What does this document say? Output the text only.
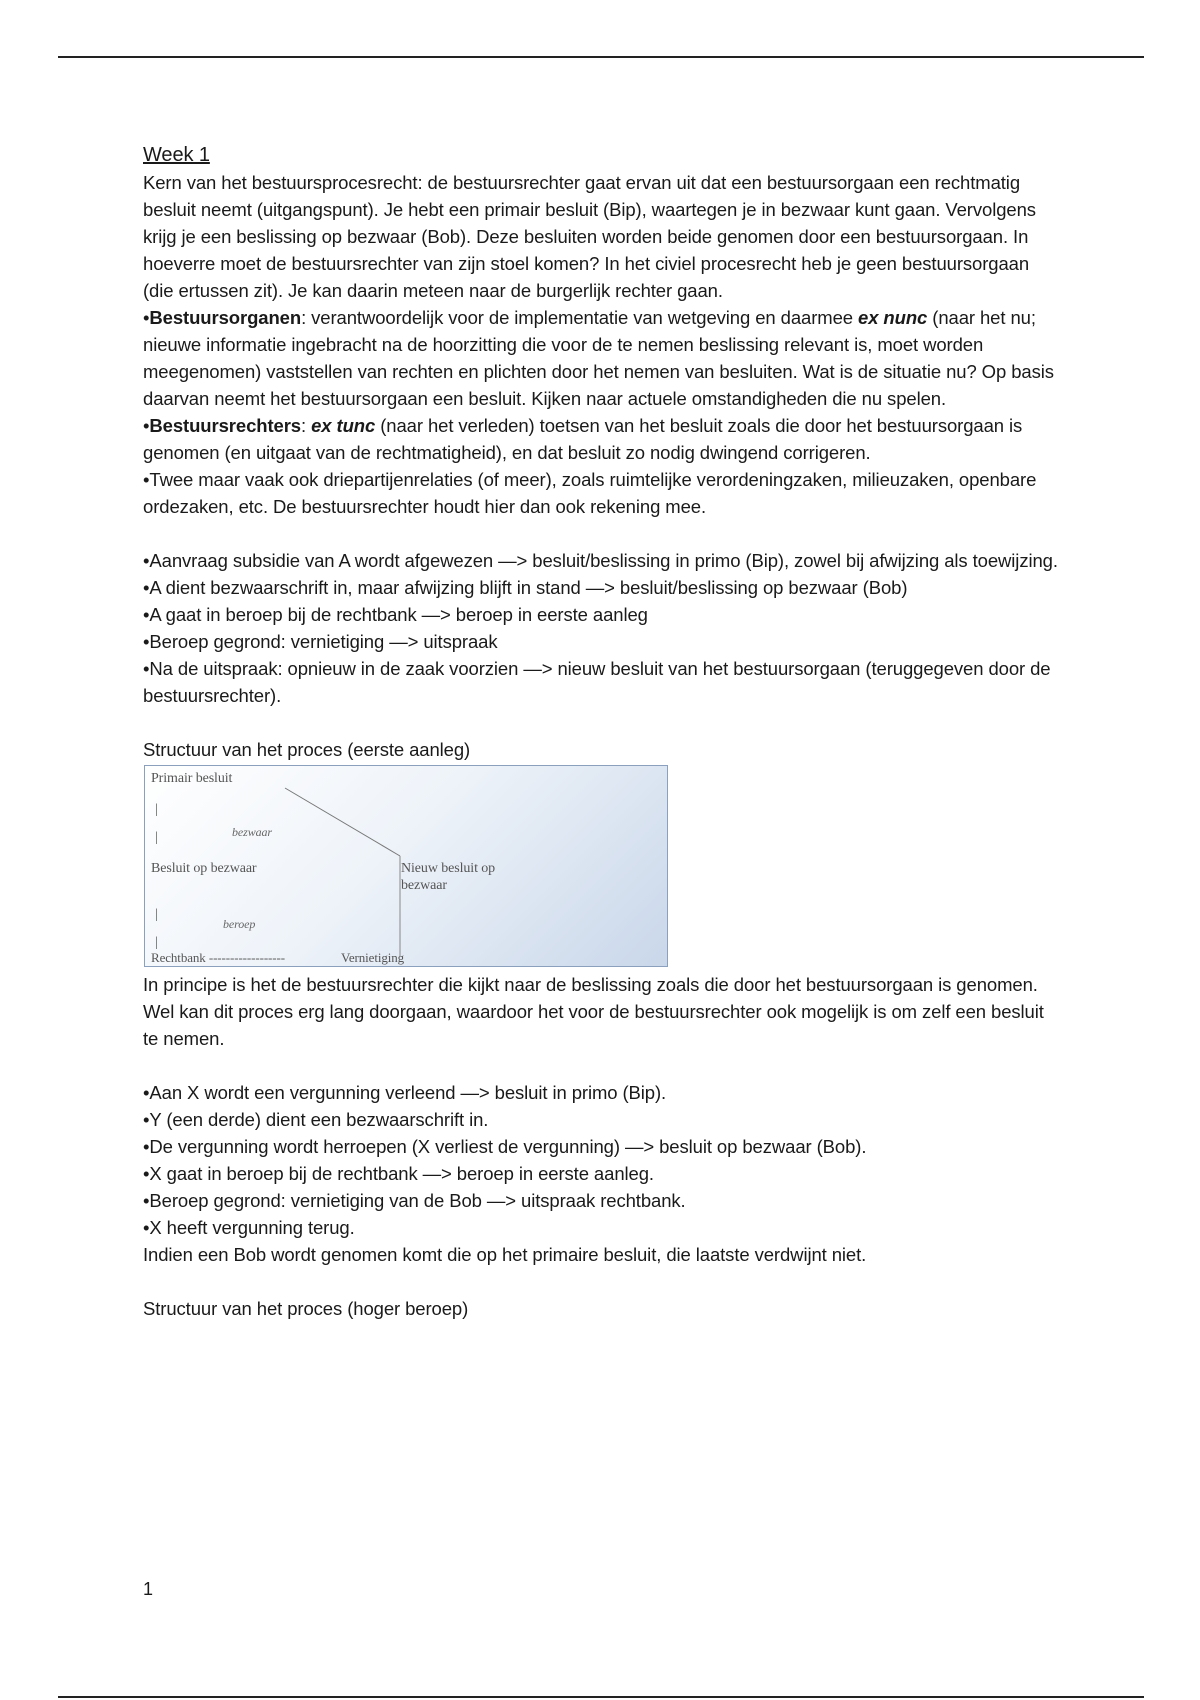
Week 1

Kern van het bestuursprocesrecht: de bestuursrechter gaat ervan uit dat een bestuursorgaan een rechtmatig besluit neemt (uitgangspunt). Je hebt een primair besluit (Bip), waartegen je in bezwaar kunt gaan. Vervolgens krijg je een beslissing op bezwaar (Bob). Deze besluiten worden beide genomen door een bestuursorgaan. In hoeverre moet de bestuursrechter van zijn stoel komen? In het civiel procesrecht heb je geen bestuursorgaan (die ertussen zit). Je kan daarin meteen naar de burgerlijk rechter gaan.

•Bestuursorganen: verantwoordelijk voor de implementatie van wetgeving en daarmee ex nunc (naar het nu; nieuwe informatie ingebracht na de hoorzitting die voor de te nemen beslissing relevant is, moet worden meegenomen) vaststellen van rechten en plichten door het nemen van besluiten. Wat is de situatie nu? Op basis daarvan neemt het bestuursorgaan een besluit. Kijken naar actuele omstandigheden die nu spelen.

•Bestuursrechters: ex tunc (naar het verleden) toetsen van het besluit zoals die door het bestuursorgaan is genomen (en uitgaat van de rechtmatigheid), en dat besluit zo nodig dwingend corrigeren.

•Twee maar vaak ook driepartijenrelaties (of meer), zoals ruimtelijke verordeningzaken, milieuzaken, openbare ordezaken, etc. De bestuursrechter houdt hier dan ook rekening mee.

•Aanvraag subsidie van A wordt afgewezen —> besluit/beslissing in primo (Bip), zowel bij afwijzing als toewijzing.

•A dient bezwaarschrift in, maar afwijzing blijft in stand —> besluit/beslissing op bezwaar (Bob)

•A gaat in beroep bij de rechtbank —> beroep in eerste aanleg

•Beroep gegrond: vernietiging —> uitspraak

•Na de uitspraak: opnieuw in de zaak voorzien —> nieuw besluit van het bestuursorgaan (teruggegeven door de bestuursrechter).

Structuur van het proces (eerste aanleg)

Primair besluit
|
|	bezwaar
Besluit op bezwaar	Nieuw besluit op
bezwaar
|
|
beroep
Rechtbank ------------------	Vernietiging

In principe is het de bestuursrechter die kijkt naar de beslissing zoals die door het bestuursorgaan is genomen. Wel kan dit proces erg lang doorgaan, waardoor het voor de bestuursrechter ook mogelijk is om zelf een besluit te nemen.

•Aan X wordt een vergunning verleend —> besluit in primo (Bip).

•Y (een derde) dient een bezwaarschrift in.

•De vergunning wordt herroepen (X verliest de vergunning) —> besluit op bezwaar (Bob).

•X gaat in beroep bij de rechtbank —> beroep in eerste aanleg.

•Beroep gegrond: vernietiging van de Bob —> uitspraak rechtbank.

•X heeft vergunning terug.

Indien een Bob wordt genomen komt die op het primaire besluit, die laatste verdwijnt niet.

Structuur van het proces (hoger beroep)

1
